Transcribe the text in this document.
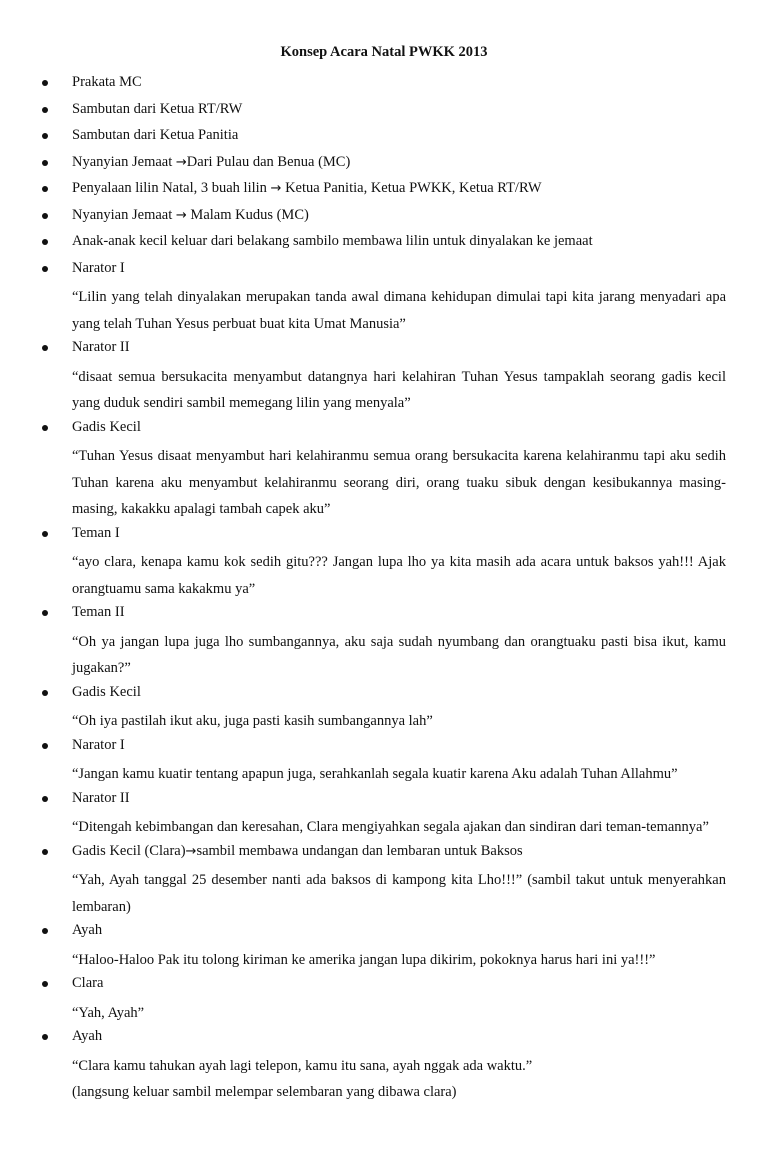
Konsep Acara Natal PWKK 2013
Prakata MC
Sambutan dari Ketua RT/RW
Sambutan dari Ketua Panitia
Nyanyian Jemaat →Dari Pulau dan Benua (MC)
Penyalaan lilin Natal, 3 buah lilin → Ketua Panitia, Ketua PWKK, Ketua RT/RW
Nyanyian Jemaat → Malam Kudus (MC)
Anak-anak kecil keluar dari belakang sambilo membawa lilin untuk dinyalakan ke jemaat
Narator I
“Lilin yang telah dinyalakan merupakan tanda awal dimana kehidupan dimulai tapi kita jarang menyadari apa yang telah Tuhan Yesus perbuat buat kita Umat Manusia”
Narator II
“disaat semua bersukacita menyambut datangnya hari kelahiran Tuhan Yesus tampaklah seorang gadis kecil yang duduk sendiri sambil memegang lilin yang menyala”
Gadis Kecil
“Tuhan Yesus disaat menyambut hari kelahiranmu semua orang bersukacita karena kelahiranmu tapi aku sedih Tuhan karena aku menyambut kelahiranmu seorang diri, orang tuaku sibuk dengan kesibukannya masing-masing, kakakku apalagi tambah capek aku”
Teman I
“ayo clara, kenapa kamu kok sedih gitu??? Jangan lupa lho ya kita masih ada acara untuk baksos yah!!! Ajak orangtuamu sama kakakmu ya”
Teman II
“Oh ya jangan lupa juga lho sumbangannya, aku saja sudah nyumbang dan orangtuaku pasti bisa ikut, kamu jugakan?”
Gadis Kecil
“Oh iya pastilah ikut aku, juga pasti kasih sumbangannya lah”
Narator I
“Jangan kamu kuatir tentang apapun juga, serahkanlah segala kuatir karena Aku adalah Tuhan Allahmu”
Narator II
“Ditengah kebimbangan dan keresahan, Clara mengiyahkan segala ajakan dan sindiran dari teman-temannya”
Gadis Kecil (Clara)→sambil membawa undangan dan lembaran untuk Baksos
“Yah, Ayah tanggal 25 desember nanti ada baksos di kampong kita Lho!!!” (sambil takut untuk menyerahkan lembaran)
Ayah
“Haloo-Haloo Pak itu tolong kiriman ke amerika jangan lupa dikirim, pokoknya harus hari ini ya!!!”
Clara
“Yah, Ayah”
Ayah
“Clara kamu tahukan ayah lagi telepon, kamu itu sana, ayah nggak ada waktu.”
(langsung keluar sambil melempar selembaran yang dibawa clara)
